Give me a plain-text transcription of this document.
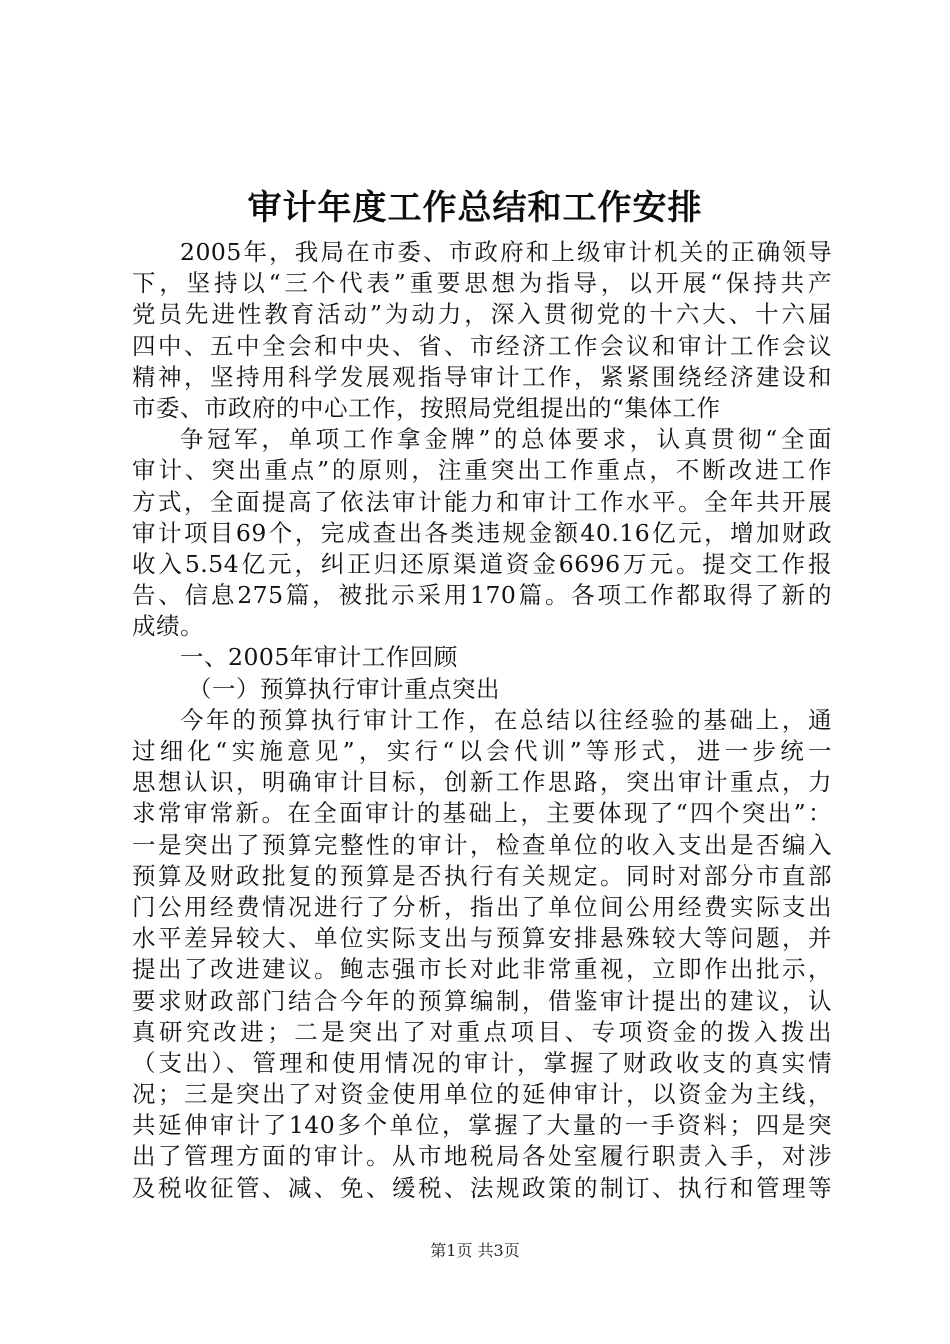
审计年度工作总结和工作安排
2005年，我局在市委、市政府和上级审计机关的正确领导
下，坚持以“三个代表”重要思想为指导，以开展“保持共产
党员先进性教育活动”为动力，深入贯彻党的十六大、十六届
四中、五中全会和中央、省、市经济工作会议和审计工作会议
精神，坚持用科学发展观指导审计工作，紧紧围绕经济建设和
市委、市政府的中心工作，按照局党组提出的“集体工作
争冠军，单项工作拿金牌”的总体要求，认真贯彻“全面
审计、突出重点”的原则，注重突出工作重点，不断改进工作
方式，全面提高了依法审计能力和审计工作水平。全年共开展
审计项目69个，完成查出各类违规金额40.16亿元，增加财政
收入5.54亿元，纠正归还原渠道资金6696万元。提交工作报
告、信息275篇，被批示采用170篇。各项工作都取得了新的
成绩。
一、2005年审计工作回顾
（一）预算执行审计重点突出
今年的预算执行审计工作，在总结以往经验的基础上，通
过细化“实施意见”，实行“以会代训”等形式，进一步统一
思想认识，明确审计目标，创新工作思路，突出审计重点，力
求常审常新。在全面审计的基础上，主要体现了“四个突出”：
一是突出了预算完整性的审计，检查单位的收入支出是否编入
预算及财政批复的预算是否执行有关规定。同时对部分市直部
门公用经费情况进行了分析，指出了单位间公用经费实际支出
水平差异较大、单位实际支出与预算安排悬殊较大等问题，并
提出了改进建议。鲍志强市长对此非常重视，立即作出批示，
要求财政部门结合今年的预算编制，借鉴审计提出的建议，认
真研究改进；二是突出了对重点项目、专项资金的拨入拨出
（支出）、管理和使用情况的审计，掌握了财政收支的真实情
况；三是突出了对资金使用单位的延伸审计，以资金为主线，
共延伸审计了140多个单位，掌握了大量的一手资料；四是突
出了管理方面的审计。从市地税局各处室履行职责入手，对涉
及税收征管、减、免、缓税、法规政策的制订、执行和管理等
第1页 共3页
